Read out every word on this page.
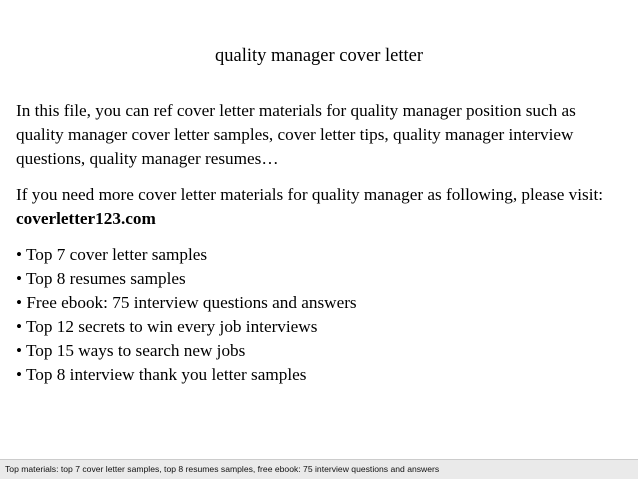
quality manager cover letter

In this file, you can ref cover letter materials for quality manager position such as quality manager cover letter samples, cover letter tips, quality manager interview questions, quality manager resumes…

If you need more cover letter materials for quality manager as following, please visit: coverletter123.com

• Top 7 cover letter samples
• Top 8 resumes samples
• Free ebook: 75 interview questions and answers
• Top 12 secrets to win every job interviews
• Top 15 ways to search new jobs
• Top 8 interview thank you letter samples
Top materials: top 7 cover letter samples, top 8 resumes samples, free ebook: 75 interview questions and answers
